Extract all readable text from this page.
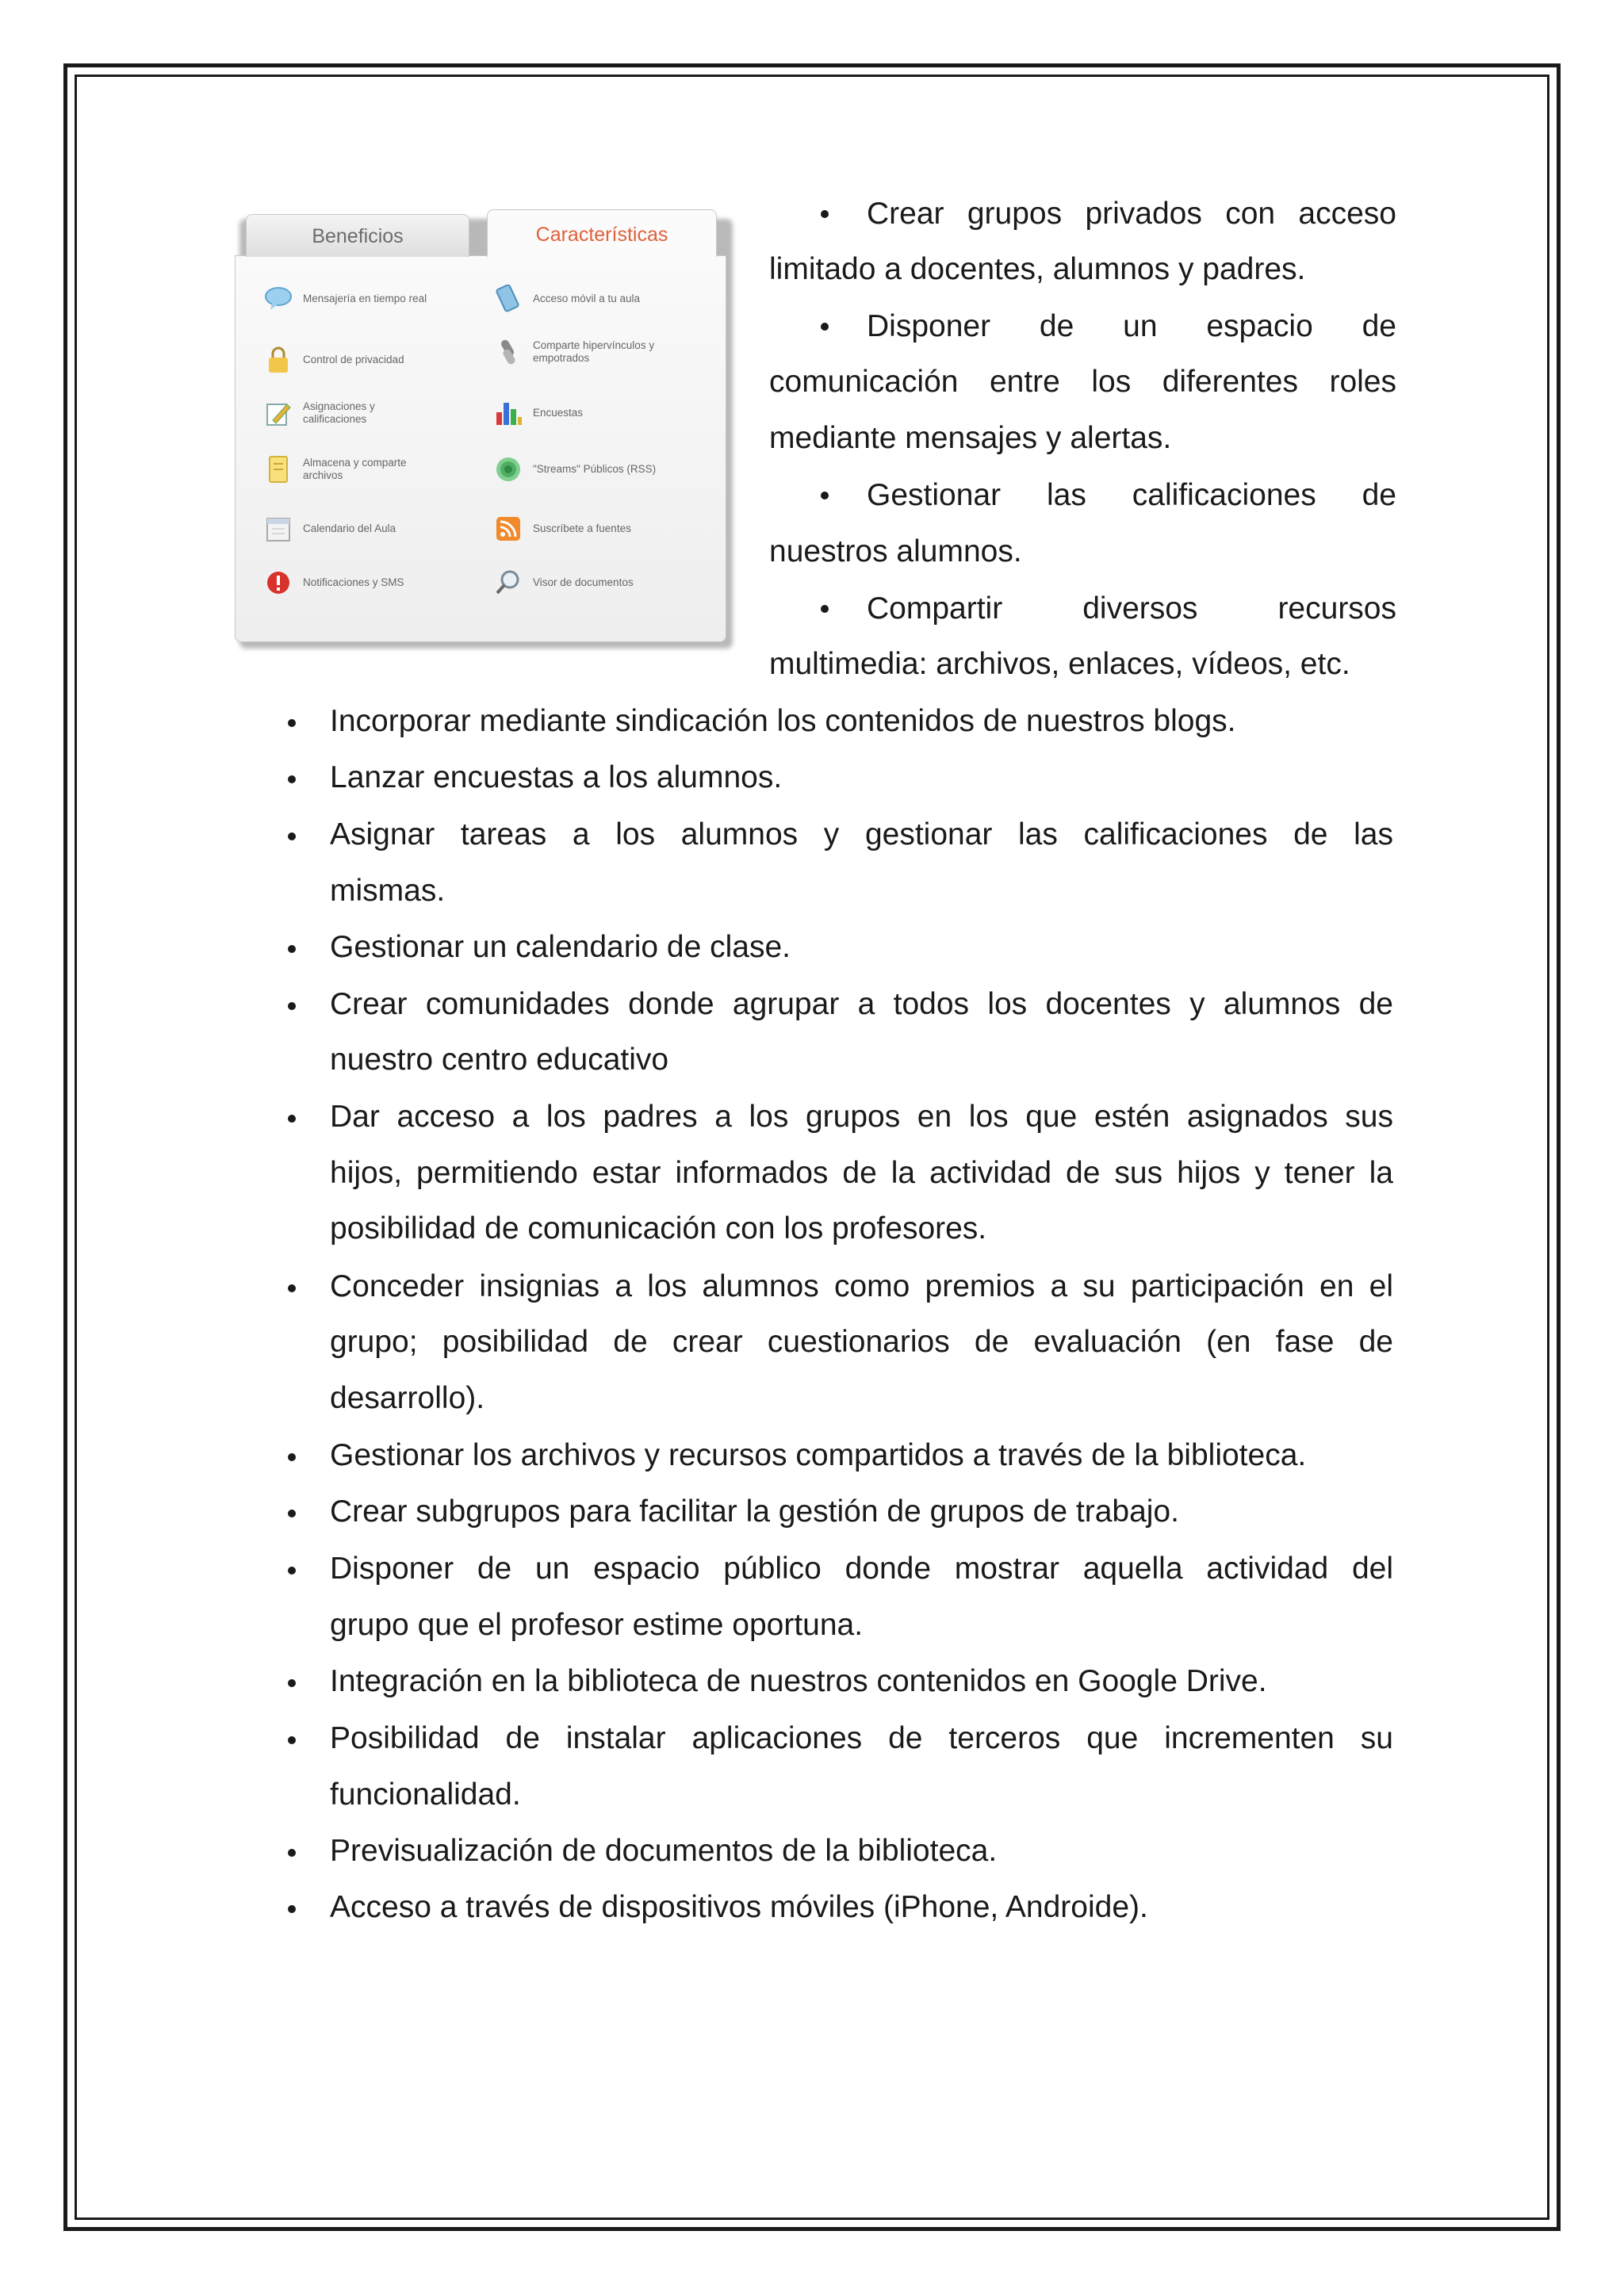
Beneficios	Características
Mensajería en tiempo real
Control de privacidad
Asignaciones y calificaciones
Almacena y comparte archivos
Calendario del Aula
Notificaciones y SMS
Acceso móvil a tu aula
Comparte hipervínculos y empotrados
Encuestas
"Streams" Públicos (RSS)
Suscríbete a fuentes
Visor de documentos
Crear grupos privados con acceso
limitado a docentes, alumnos y padres.
Disponer de un espacio de
comunicación entre los diferentes roles
mediante mensajes y alertas.
Gestionar las calificaciones de
nuestros alumnos.
Compartir diversos recursos
multimedia: archivos, enlaces, vídeos, etc.
Incorporar mediante sindicación los contenidos de nuestros blogs.
Lanzar encuestas a los alumnos.
Asignar tareas a los alumnos y gestionar las calificaciones de las
mismas.
Gestionar un calendario de clase.
Crear comunidades donde agrupar a todos los docentes y alumnos de
nuestro centro educativo
Dar acceso a los padres a los grupos en los que estén asignados sus
hijos, permitiendo estar informados de la actividad de sus hijos y tener la
posibilidad de comunicación con los profesores.
Conceder insignias a los alumnos como premios a su participación en el
grupo; posibilidad de crear cuestionarios de evaluación (en fase de
desarrollo).
Gestionar los archivos y recursos compartidos a través de la biblioteca.
Crear subgrupos para facilitar la gestión de grupos de trabajo.
Disponer de un espacio público donde mostrar aquella actividad del
grupo que el profesor estime oportuna.
Integración en la biblioteca de nuestros contenidos en Google Drive.
Posibilidad de instalar aplicaciones de terceros que incrementen su
funcionalidad.
Previsualización de documentos de la biblioteca.
Acceso a través de dispositivos móviles (iPhone, Androide).
